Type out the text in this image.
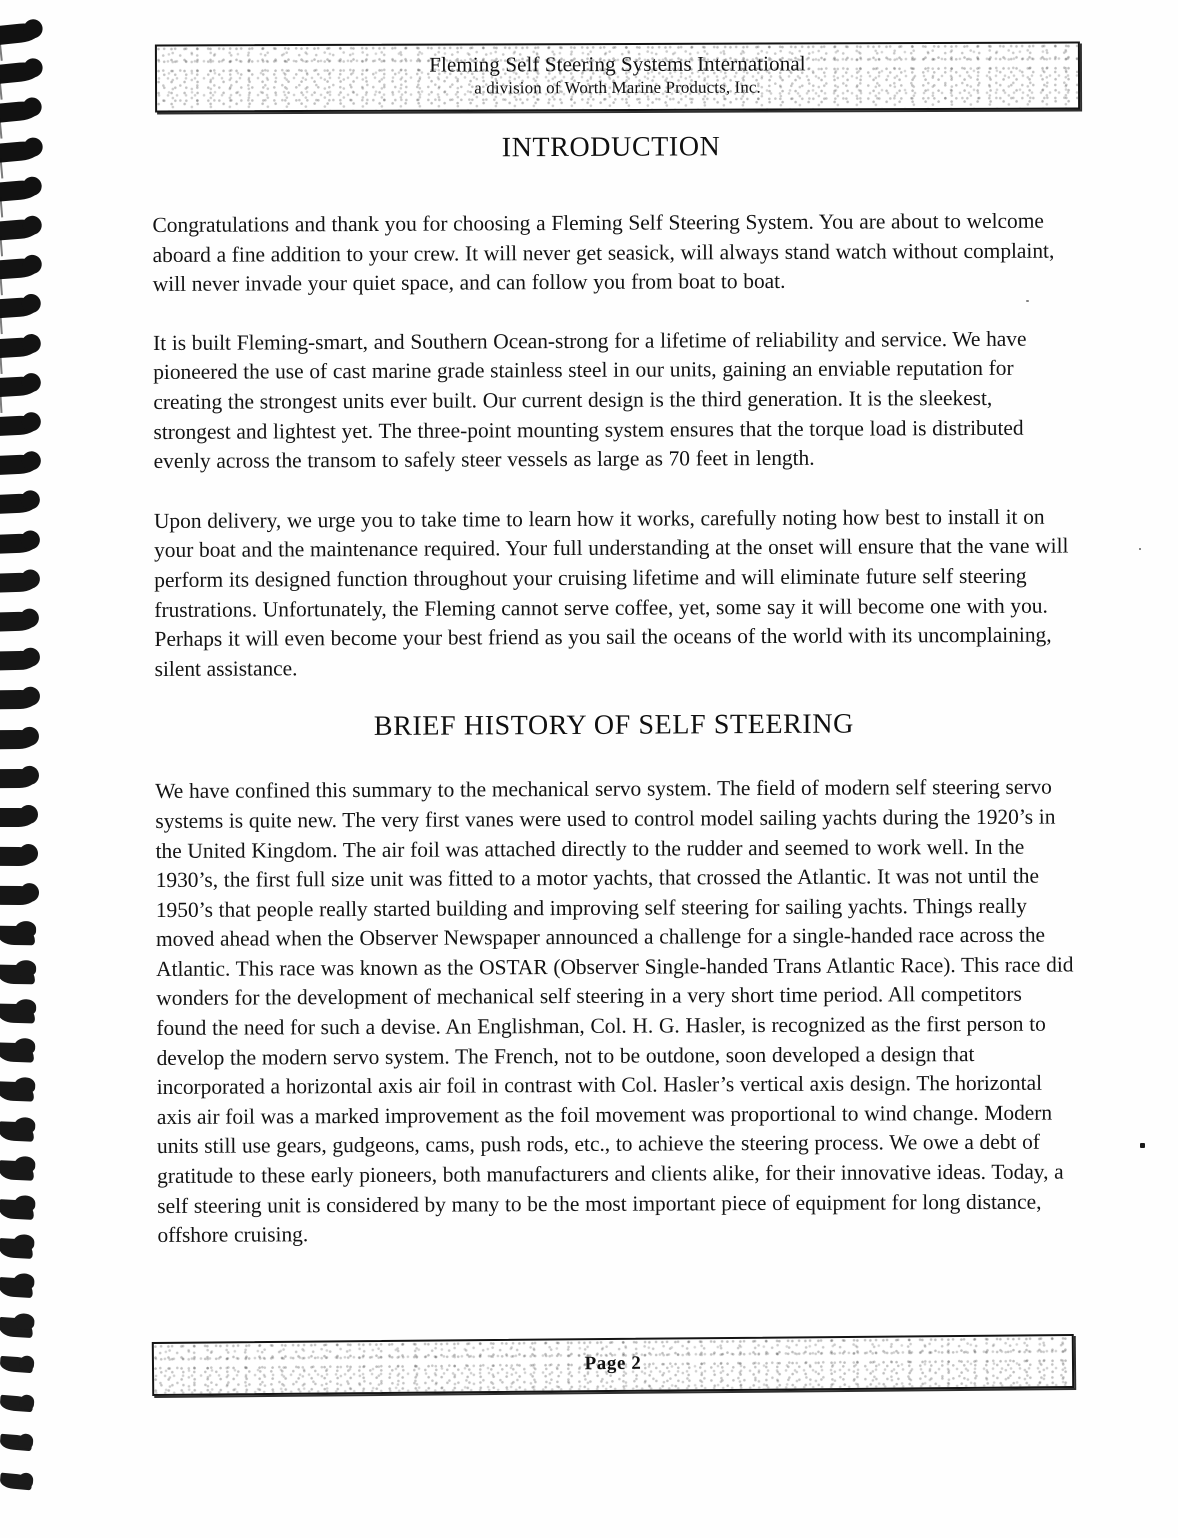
Fleming Self Steering Systems International
a division of Worth Marine Products, Inc.
INTRODUCTION

Congratulations and thank you for choosing a Fleming Self Steering System. You are about to welcome aboard a fine addition to your crew. It will never get seasick, will always stand watch without complaint, will never invade your quiet space, and can follow you from boat to boat.

It is built Fleming-smart, and Southern Ocean-strong for a lifetime of reliability and service. We have pioneered the use of cast marine grade stainless steel in our units, gaining an enviable reputation for creating the strongest units ever built. Our current design is the third generation. It is the sleekest, strongest and lightest yet. The three-point mounting system ensures that the torque load is distributed evenly across the transom to safely steer vessels as large as 70 feet in length.

Upon delivery, we urge you to take time to learn how it works, carefully noting how best to install it on your boat and the maintenance required. Your full understanding at the onset will ensure that the vane will perform its designed function throughout your cruising lifetime and will eliminate future self steering frustrations. Unfortunately, the Fleming cannot serve coffee, yet, some say it will become one with you. Perhaps it will even become your best friend as you sail the oceans of the world with its uncomplaining, silent assistance.

BRIEF HISTORY OF SELF STEERING

We have confined this summary to the mechanical servo system. The field of modern self steering servo systems is quite new. The very first vanes were used to control model sailing yachts during the 1920’s in the United Kingdom. The air foil was attached directly to the rudder and seemed to work well. In the 1930’s, the first full size unit was fitted to a motor yachts, that crossed the Atlantic. It was not until the 1950’s that people really started building and improving self steering for sailing yachts. Things really moved ahead when the Observer Newspaper announced a challenge for a single-handed race across the Atlantic. This race was known as the OSTAR (Observer Single-handed Trans Atlantic Race). This race did wonders for the development of mechanical self steering in a very short time period. All competitors found the need for such a devise. An Englishman, Col. H. G. Hasler, is recognized as the first person to develop the modern servo system. The French, not to be outdone, soon developed a design that incorporated a horizontal axis air foil in contrast with Col. Hasler’s vertical axis design. The horizontal axis air foil was a marked improvement as the foil movement was proportional to wind change. Modern units still use gears, gudgeons, cams, push rods, etc., to achieve the steering process. We owe a debt of gratitude to these early pioneers, both manufacturers and clients alike, for their innovative ideas. Today, a self steering unit is considered by many to be the most important piece of equipment for long distance, offshore cruising.

Page 2
